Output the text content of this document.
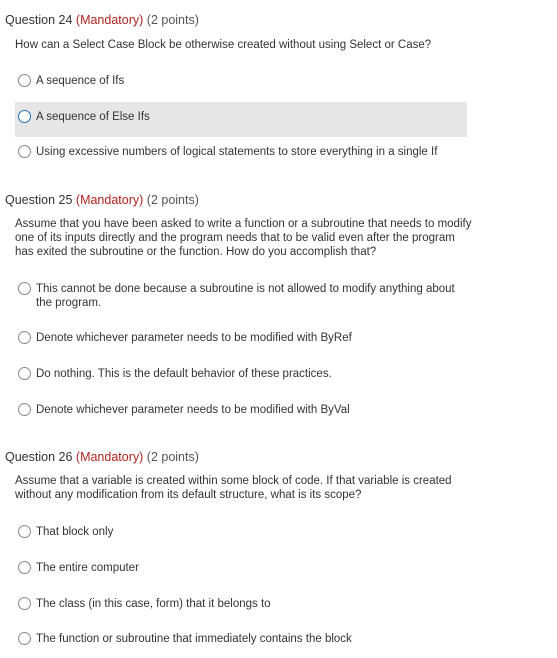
Question 24 (Mandatory) (2 points)
How can a Select Case Block be otherwise created without using Select or Case?
A sequence of Ifs
A sequence of Else Ifs
Using excessive numbers of logical statements to store everything in a single If
Question 25 (Mandatory) (2 points)
Assume that you have been asked to write a function or a subroutine that needs to modify one of its inputs directly and the program needs that to be valid even after the program has exited the subroutine or the function. How do you accomplish that?
This cannot be done because a subroutine is not allowed to modify anything about the program.
Denote whichever parameter needs to be modified with ByRef
Do nothing. This is the default behavior of these practices.
Denote whichever parameter needs to be modified with ByVal
Question 26 (Mandatory) (2 points)
Assume that a variable is created within some block of code. If that variable is created without any modification from its default structure, what is its scope?
That block only
The entire computer
The class (in this case, form) that it belongs to
The function or subroutine that immediately contains the block
